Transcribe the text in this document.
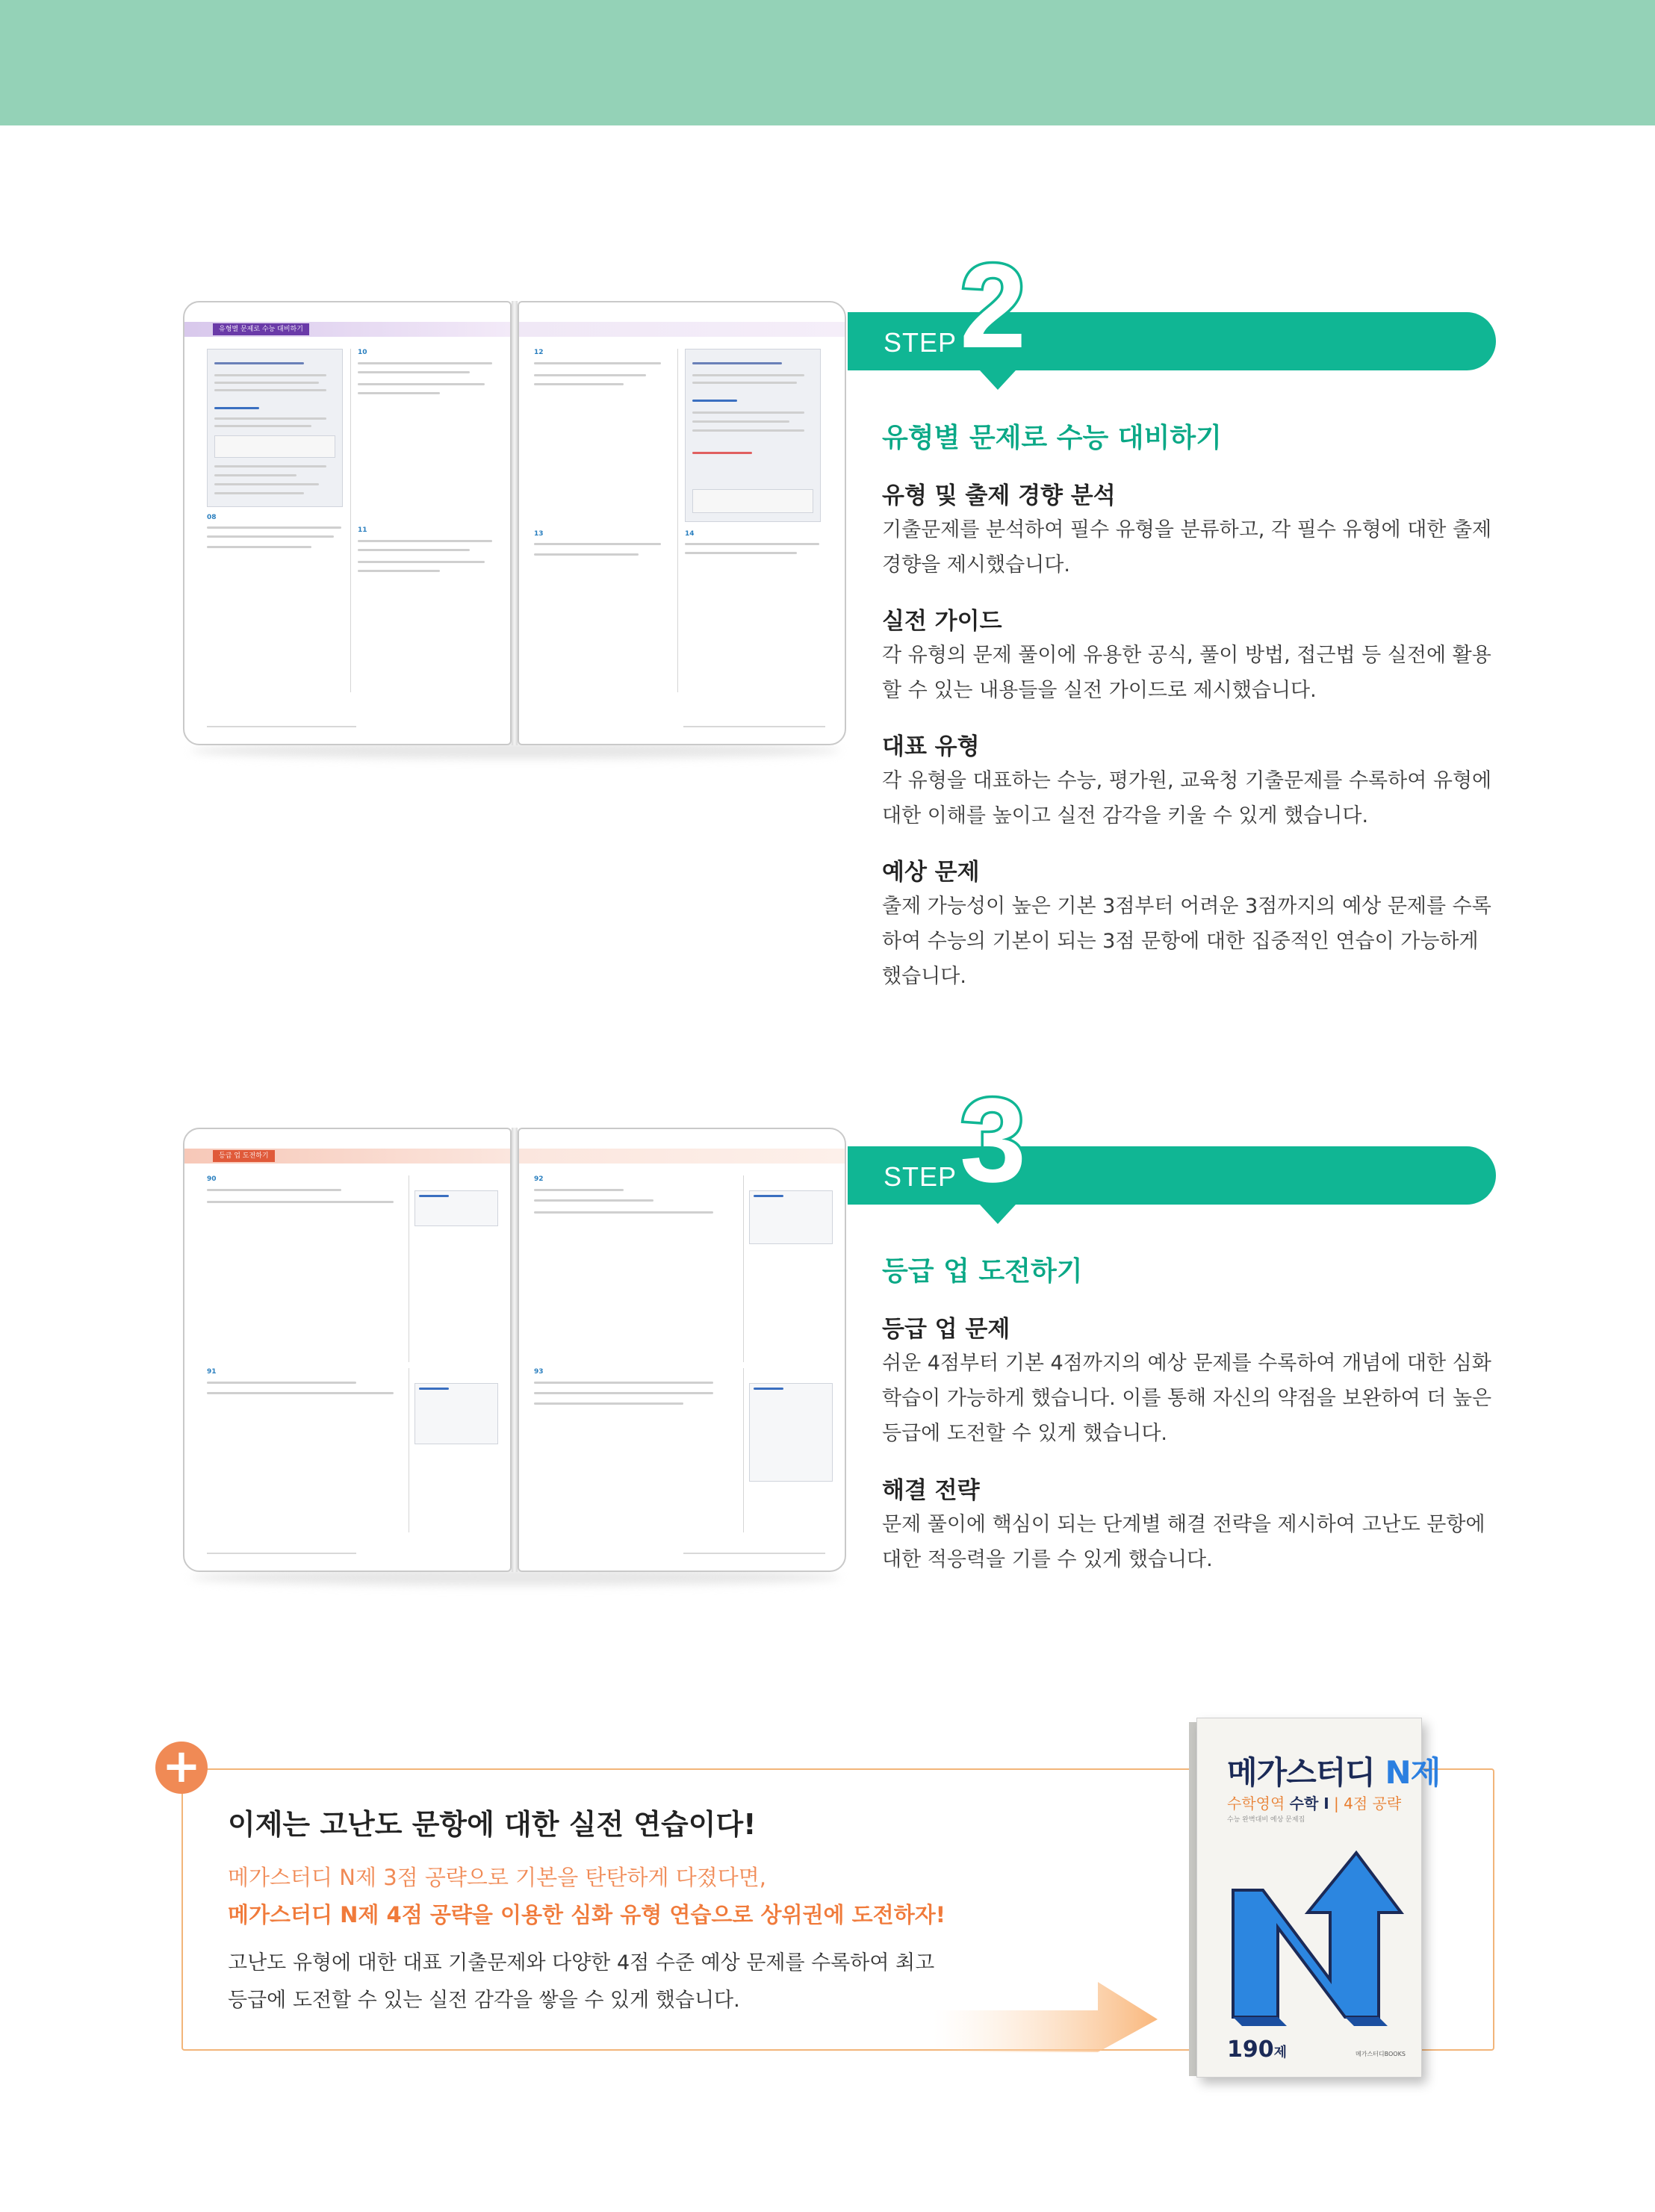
유형별 문제로 수능 대비하기
08
10
11
12
13	14
STEP 2
유형별 문제로 수능 대비하기
유형 및 출제 경향 분석
기출문제를 분석하여 필수 유형을 분류하고, 각 필수 유형에 대한 출제 경향을 제시했습니다.
실전 가이드
각 유형의 문제 풀이에 유용한 공식, 풀이 방법, 접근법 등 실전에 활용할 수 있는 내용들을 실전 가이드로 제시했습니다.
대표 유형
각 유형을 대표하는 수능, 평가원, 교육청 기출문제를 수록하여 유형에 대한 이해를 높이고 실전 감각을 키울 수 있게 했습니다.
예상 문제
출제 가능성이 높은 기본 3점부터 어려운 3점까지의 예상 문제를 수록하여 수능의 기본이 되는 3점 문항에 대한 집중적인 연습이 가능하게 했습니다.
등급 업 도전하기
90
91
92
93
STEP 3
등급 업 도전하기
등급 업 문제
쉬운 4점부터 기본 4점까지의 예상 문제를 수록하여 개념에 대한 심화 학습이 가능하게 했습니다. 이를 통해 자신의 약점을 보완하여 더 높은 등급에 도전할 수 있게 했습니다.
해결 전략
문제 풀이에 핵심이 되는 단계별 해결 전략을 제시하여 고난도 문항에 대한 적응력을 기를 수 있게 했습니다.
+
이제는 고난도 문항에 대한 실전 연습이다!
메가스터디 N제 3점 공략으로 기본을 탄탄하게 다졌다면,
메가스터디 N제 4점 공략을 이용한 심화 유형 연습으로 상위권에 도전하자!
고난도 유형에 대한 대표 기출문제와 다양한 4점 수준 예상 문제를 수록하여 최고 등급에 도전할 수 있는 실전 감각을 쌓을 수 있게 했습니다.
메가스터디 N제
수학영역 수학 I | 4점 공략
수능 완벽대비 예상 문제집
190제	메가스터디BOOKS
